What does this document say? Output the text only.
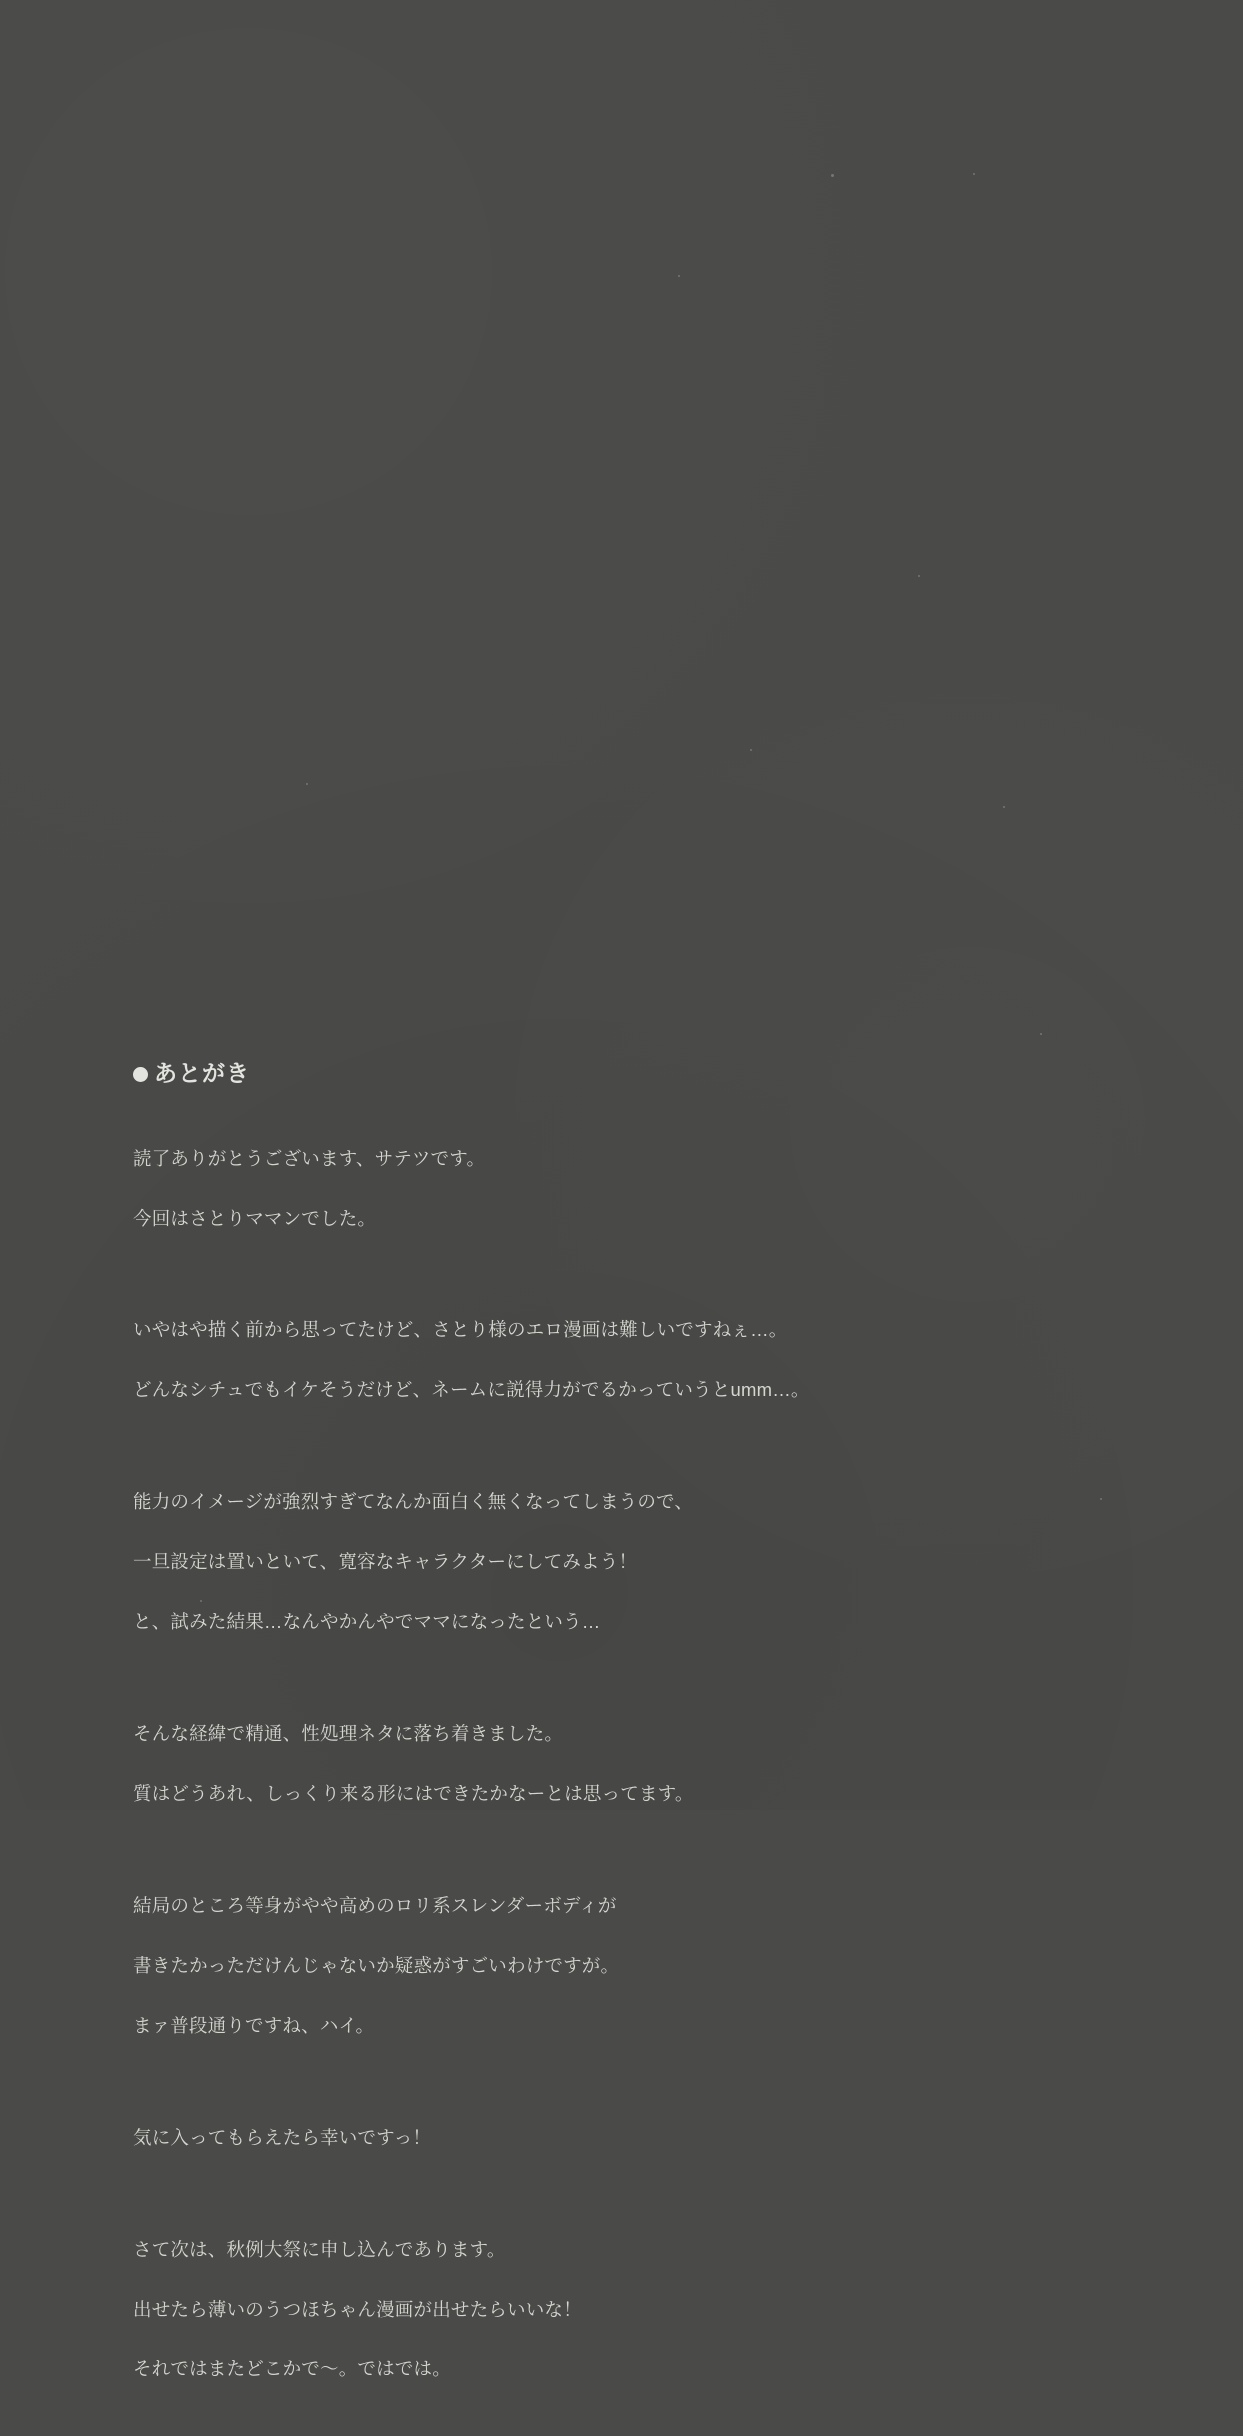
あとがき

読了ありがとうございます、サテツです。

今回はさとりママンでした。

いやはや描く前から思ってたけど、さとり様のエロ漫画は難しいですねぇ…。

どんなシチュでもイケそうだけど、ネームに説得力がでるかっていうとumm…。

能力のイメージが強烈すぎてなんか面白く無くなってしまうので、

一旦設定は置いといて、寛容なキャラクターにしてみよう！

と、試みた結果…なんやかんやでママになったという…

そんな経緯で精通、性処理ネタに落ち着きました。

質はどうあれ、しっくり来る形にはできたかなーとは思ってます。

結局のところ等身がやや高めのロリ系スレンダーボディが

書きたかっただけんじゃないか疑惑がすごいわけですが。

まァ普段通りですね、ハイ。

気に入ってもらえたら幸いですっ！

さて次は、秋例大祭に申し込んであります。

出せたら薄いのうつほちゃん漫画が出せたらいいな！

それではまたどこかで〜。ではでは。
